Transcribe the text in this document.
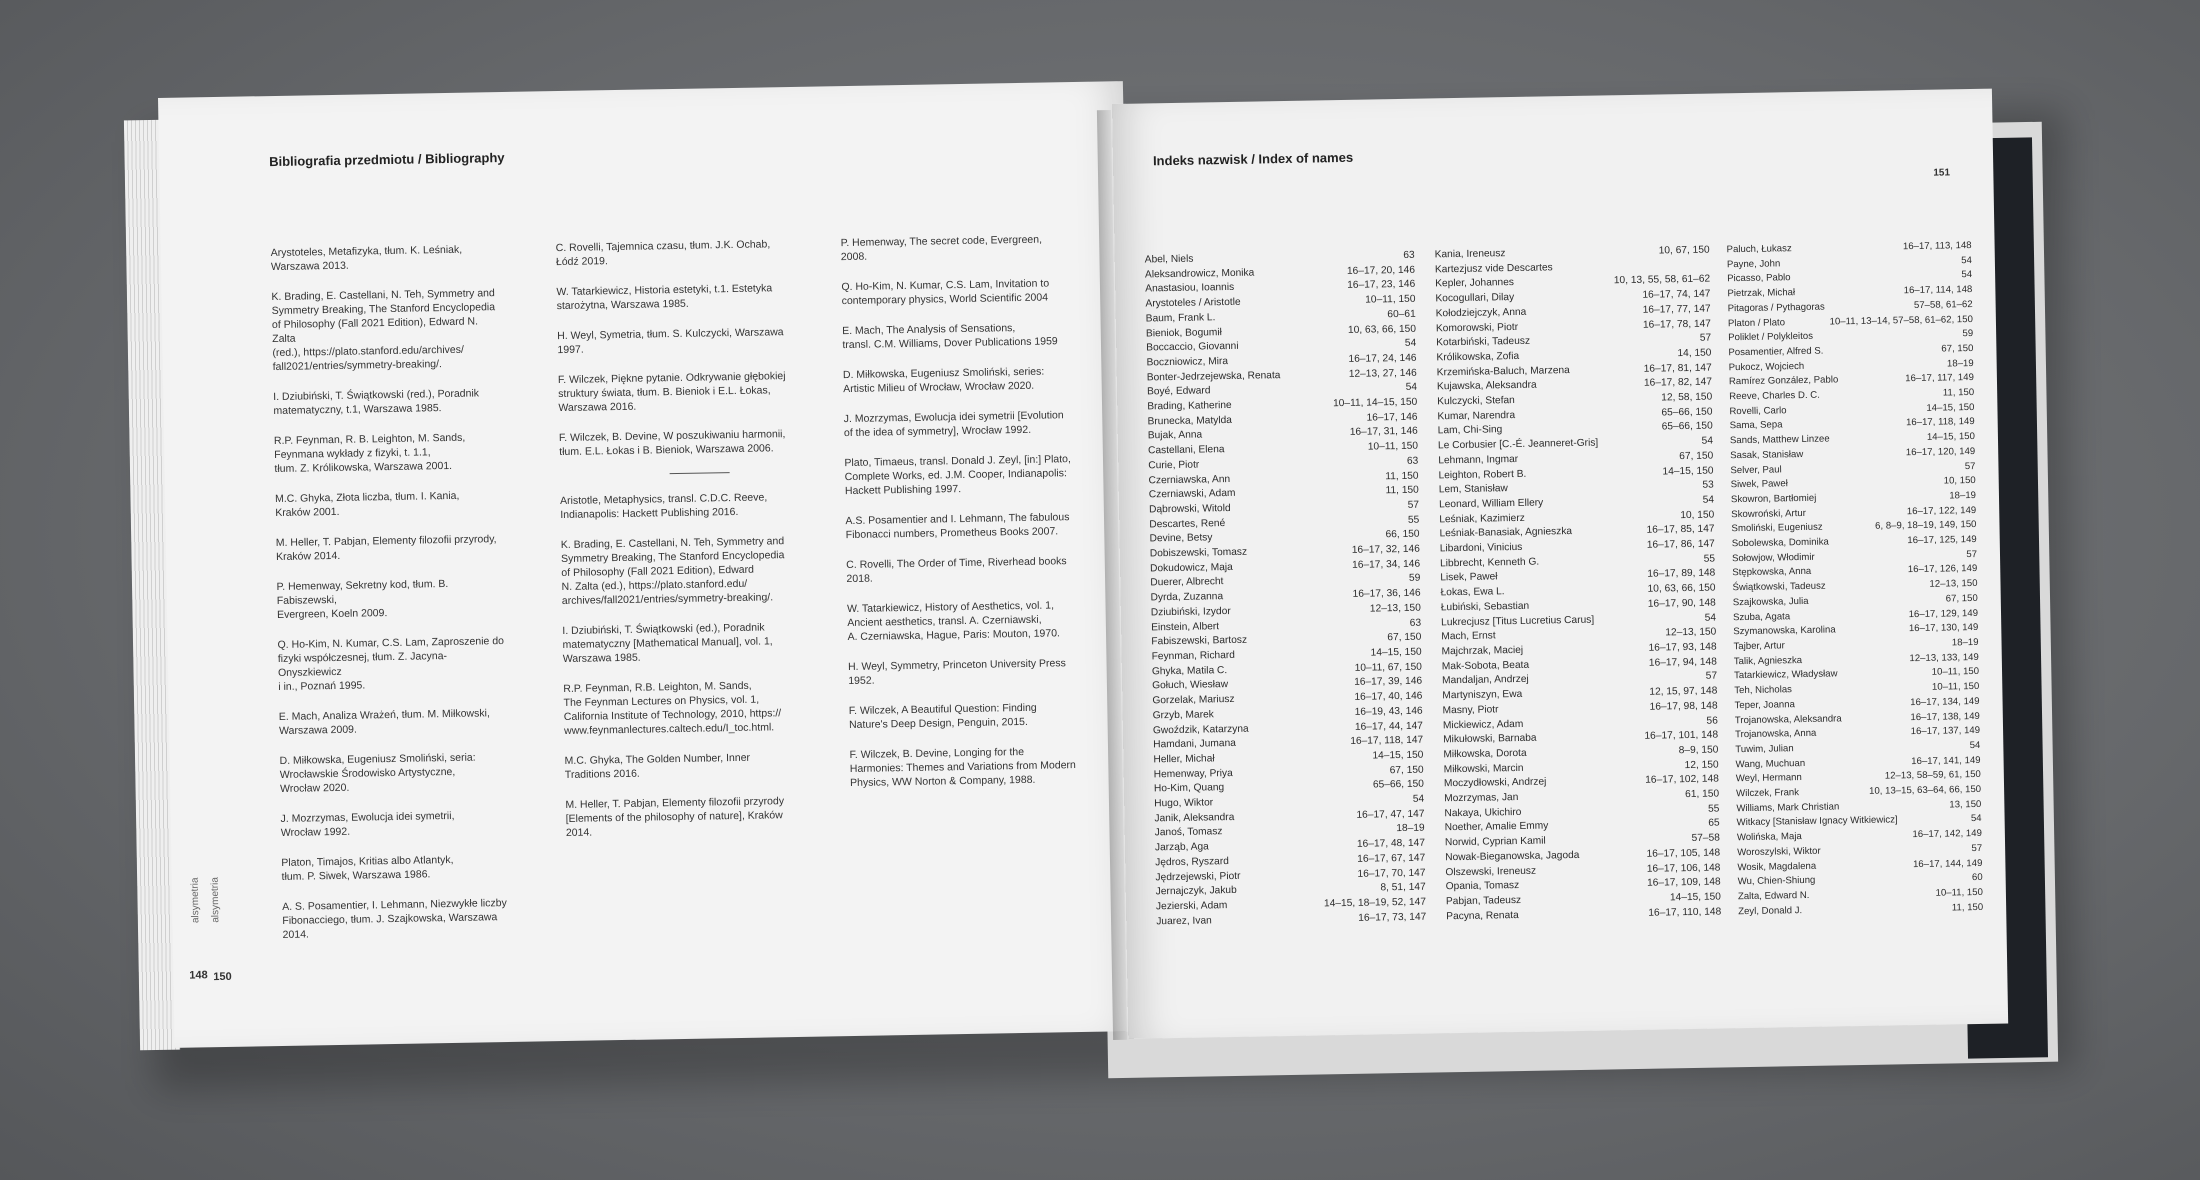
Bibliografia przedmiotu / Bibliography
Arystoteles, Metafizyka, tłum. K. Leśniak,
Warszawa 2013.
K. Brading, E. Castellani, N. Teh, Symmetry and
Symmetry Breaking, The Stanford Encyclopedia
of Philosophy (Fall 2021 Edition), Edward N. Zalta
(red.), https://plato.stanford.edu/archives/
fall2021/entries/symmetry-breaking/.
I. Dziubiński, T. Świątkowski (red.), Poradnik
matematyczny, t.1, Warszawa 1985.
R.P. Feynman, R. B. Leighton, M. Sands,
Feynmana wykłady z fizyki, t. 1.1,
tłum. Z. Królikowska, Warszawa 2001.
M.C. Ghyka, Złota liczba, tłum. I. Kania,
Kraków 2001.
M. Heller, T. Pabjan, Elementy filozofii przyrody,
Kraków 2014.
P. Hemenway, Sekretny kod, tłum. B. Fabiszewski,
Evergreen, Koeln 2009.
Q. Ho-Kim, N. Kumar, C.S. Lam, Zaproszenie do
fizyki współczesnej, tłum. Z. Jacyna-Onyszkiewicz
i in., Poznań 1995.
E. Mach, Analiza Wrażeń, tłum. M. Miłkowski,
Warszawa 2009.
D. Miłkowska, Eugeniusz Smoliński, seria:
Wrocławskie Środowisko Artystyczne,
Wrocław 2020.
J. Mozrzymas, Ewolucja idei symetrii,
Wrocław 1992.
Platon, Timajos, Kritias albo Atlantyk,
tłum. P. Siwek, Warszawa 1986.
A. S. Posamentier, I. Lehmann, Niezwykłe liczby
Fibonacciego, tłum. J. Szajkowska, Warszawa
2014.
C. Rovelli, Tajemnica czasu, tłum. J.K. Ochab,
Łódź 2019.
W. Tatarkiewicz, Historia estetyki, t.1. Estetyka
starożytna, Warszawa 1985.
H. Weyl, Symetria, tłum. S. Kulczycki, Warszawa
1997.
F. Wilczek, Piękne pytanie. Odkrywanie głębokiej
struktury świata, tłum. B. Bieniok i E.L. Łokas,
Warszawa 2016.
F. Wilczek, B. Devine, W poszukiwaniu harmonii,
tłum. E.L. Łokas i B. Bieniok, Warszawa 2006.
Aristotle, Metaphysics, transl. C.D.C. Reeve,
Indianapolis: Hackett Publishing 2016.
K. Brading, E. Castellani, N. Teh, Symmetry and
Symmetry Breaking, The Stanford Encyclopedia
of Philosophy (Fall 2021 Edition), Edward
N. Zalta (ed.), https://plato.stanford.edu/
archives/fall2021/entries/symmetry-breaking/.
I. Dziubiński, T. Świątkowski (ed.), Poradnik
matematyczny [Mathematical Manual], vol. 1,
Warszawa 1985.
R.P. Feynman, R.B. Leighton, M. Sands,
The Feynman Lectures on Physics, vol. 1,
California Institute of Technology, 2010, https://
www.feynmanlectures.caltech.edu/I_toc.html.
M.C. Ghyka, The Golden Number, Inner
Traditions 2016.
M. Heller, T. Pabjan, Elementy filozofii przyrody
[Elements of the philosophy of nature], Kraków
2014.
P. Hemenway, The secret code, Evergreen,
2008.
Q. Ho-Kim, N. Kumar, C.S. Lam, Invitation to
contemporary physics, World Scientific 2004
E. Mach, The Analysis of Sensations,
transl. C.M. Williams, Dover Publications 1959
D. Miłkowska, Eugeniusz Smoliński, series:
Artistic Milieu of Wrocław, Wrocław 2020.
J. Mozrzymas, Ewolucja idei symetrii [Evolution
of the idea of symmetry], Wrocław 1992.
Plato, Timaeus, transl. Donald J. Zeyl, [in:] Plato,
Complete Works, ed. J.M. Cooper, Indianapolis:
Hackett Publishing 1997.
A.S. Posamentier and I. Lehmann, The fabulous
Fibonacci numbers, Prometheus Books 2007.
C. Rovelli, The Order of Time, Riverhead books
2018.
W. Tatarkiewicz, History of Aesthetics, vol. 1,
Ancient aesthetics, transl. A. Czerniawski,
A. Czerniawska, Hague, Paris: Mouton, 1970.
H. Weyl, Symmetry, Princeton University Press
1952.
F. Wilczek, A Beautiful Question: Finding
Nature's Deep Design, Penguin, 2015.
F. Wilczek, B. Devine, Longing for the
Harmonies: Themes and Variations from Modern
Physics, WW Norton & Company, 1988.
alsymetria alsymetria
148 150
Indeks nazwisk / Index of names
151
Abel, Niels	63
Aleksandrowicz, Monika	16–17, 20, 146
Anastasiou, Ioannis	16–17, 23, 146
Arystoteles / Aristotle	10–11, 150
Baum, Frank L.	60–61
Bieniok, Bogumił	10, 63, 66, 150
Boccaccio, Giovanni	54
Boczniowicz, Mira	16–17, 24, 146
Bonter-Jedrzejewska, Renata	12–13, 27, 146
Boyé, Edward	54
Brading, Katherine	10–11, 14–15, 150
Brunecka, Matylda	16–17, 146
Bujak, Anna	16–17, 31, 146
Castellani, Elena	10–11, 150
Curie, Piotr	63
Czerniawska, Ann	11, 150
Czerniawski, Adam	11, 150
Dąbrowski, Witold	57
Descartes, René	55
Devine, Betsy	66, 150
Dobiszewski, Tomasz	16–17, 32, 146
Dokudowicz, Maja	16–17, 34, 146
Duerer, Albrecht	59
Dyrda, Zuzanna	16–17, 36, 146
Dziubiński, Izydor	12–13, 150
Einstein, Albert	63
Fabiszewski, Bartosz	67, 150
Feynman, Richard	14–15, 150
Ghyka, Matila C.	10–11, 67, 150
Gołuch, Wiesław	16–17, 39, 146
Gorzelak, Mariusz	16–17, 40, 146
Grzyb, Marek	16–19, 43, 146
Gwoździk, Katarzyna	16–17, 44, 147
Hamdani, Jumana	16–17, 118, 147
Heller, Michał	14–15, 150
Hemenway, Priya	67, 150
Ho-Kim, Quang	65–66, 150
Hugo, Wiktor	54
Janik, Aleksandra	16–17, 47, 147
Janoś, Tomasz	18–19
Jarząb, Aga	16–17, 48, 147
Jędros, Ryszard	16–17, 67, 147
Jędrzejewski, Piotr	16–17, 70, 147
Jernajczyk, Jakub	8, 51, 147
Jezierski, Adam	14–15, 18–19, 52, 147
Juarez, Ivan	16–17, 73, 147
Kania, Ireneusz	10, 67, 150
Kartezjusz vide Descartes
Kepler, Johannes	10, 13, 55, 58, 61–62
Kocogullari, Dilay	16–17, 74, 147
Kołodziejczyk, Anna	16–17, 77, 147
Komorowski, Piotr	16–17, 78, 147
Kotarbiński, Tadeusz	57
Królikowska, Zofia	14, 150
Krzemińska-Baluch, Marzena	16–17, 81, 147
Kujawska, Aleksandra	16–17, 82, 147
Kulczycki, Stefan	12, 58, 150
Kumar, Narendra	65–66, 150
Lam, Chi-Sing	65–66, 150
Le Corbusier [C.-É. Jeanneret-Gris]	54
Lehmann, Ingmar	67, 150
Leighton, Robert B.	14–15, 150
Lem, Stanisław	53
Leonard, William Ellery	54
Leśniak, Kazimierz	10, 150
Leśniak-Banasiak, Agnieszka	16–17, 85, 147
Libardoni, Vinicius	16–17, 86, 147
Libbrecht, Kenneth G.	55
Lisek, Paweł	16–17, 89, 148
Łokas, Ewa L.	10, 63, 66, 150
Łubiński, Sebastian	16–17, 90, 148
Lukrecjusz [Titus Lucretius Carus]	54
Mach, Ernst	12–13, 150
Majchrzak, Maciej	16–17, 93, 148
Mak-Sobota, Beata	16–17, 94, 148
Mandaljan, Andrzej	57
Martyniszyn, Ewa	12, 15, 97, 148
Masny, Piotr	16–17, 98, 148
Mickiewicz, Adam	56
Mikułowski, Barnaba	16–17, 101, 148
Miłkowska, Dorota	8–9, 150
Miłkowski, Marcin	12, 150
Moczydłowski, Andrzej	16–17, 102, 148
Mozrzymas, Jan	61, 150
Nakaya, Ukichiro	55
Noether, Amalie Emmy	65
Norwid, Cyprian Kamil	57–58
Nowak-Bieganowska, Jagoda	16–17, 105, 148
Olszewski, Ireneusz	16–17, 106, 148
Opania, Tomasz	16–17, 109, 148
Pabjan, Tadeusz	14–15, 150
Pacyna, Renata	16–17, 110, 148
Paluch, Łukasz	16–17, 113, 148
Payne, John	54
Picasso, Pablo	54
Pietrzak, Michał	16–17, 114, 148
Pitagoras / Pythagoras	57–58, 61–62
Platon / Plato	10–11, 13–14, 57–58, 61–62, 150
Poliklet / Polykleitos	59
Posamentier, Alfred S.	67, 150
Pukocz, Wojciech	18–19
Ramírez González, Pablo	16–17, 117, 149
Reeve, Charles D. C.	11, 150
Rovelli, Carlo	14–15, 150
Sama, Sepa	16–17, 118, 149
Sands, Matthew Linzee	14–15, 150
Sasak, Stanisław	16–17, 120, 149
Selver, Paul	57
Siwek, Paweł	10, 150
Skowron, Bartłomiej	18–19
Skowroński, Artur	16–17, 122, 149
Smoliński, Eugeniusz	6, 8–9, 18–19, 149, 150
Sobolewska, Dominika	16–17, 125, 149
Sołowjow, Włodimir	57
Stępkowska, Anna	16–17, 126, 149
Świątkowski, Tadeusz	12–13, 150
Szajkowska, Julia	67, 150
Szuba, Agata	16–17, 129, 149
Szymanowska, Karolina	16–17, 130, 149
Tajber, Artur	18–19
Talik, Agnieszka	12–13, 133, 149
Tatarkiewicz, Władysław	10–11, 150
Teh, Nicholas	10–11, 150
Teper, Joanna	16–17, 134, 149
Trojanowska, Aleksandra	16–17, 138, 149
Trojanowska, Anna	16–17, 137, 149
Tuwim, Julian	54
Wang, Muchuan	16–17, 141, 149
Weyl, Hermann	12–13, 58–59, 61, 150
Wilczek, Frank	10, 13–15, 63–64, 66, 150
Williams, Mark Christian	13, 150
Witkacy [Stanisław Ignacy Witkiewicz]	54
Wolińska, Maja	16–17, 142, 149
Woroszylski, Wiktor	57
Wosik, Magdalena	16–17, 144, 149
Wu, Chien-Shiung	60
Zalta, Edward N.	10–11, 150
Zeyl, Donald J.	11, 150
